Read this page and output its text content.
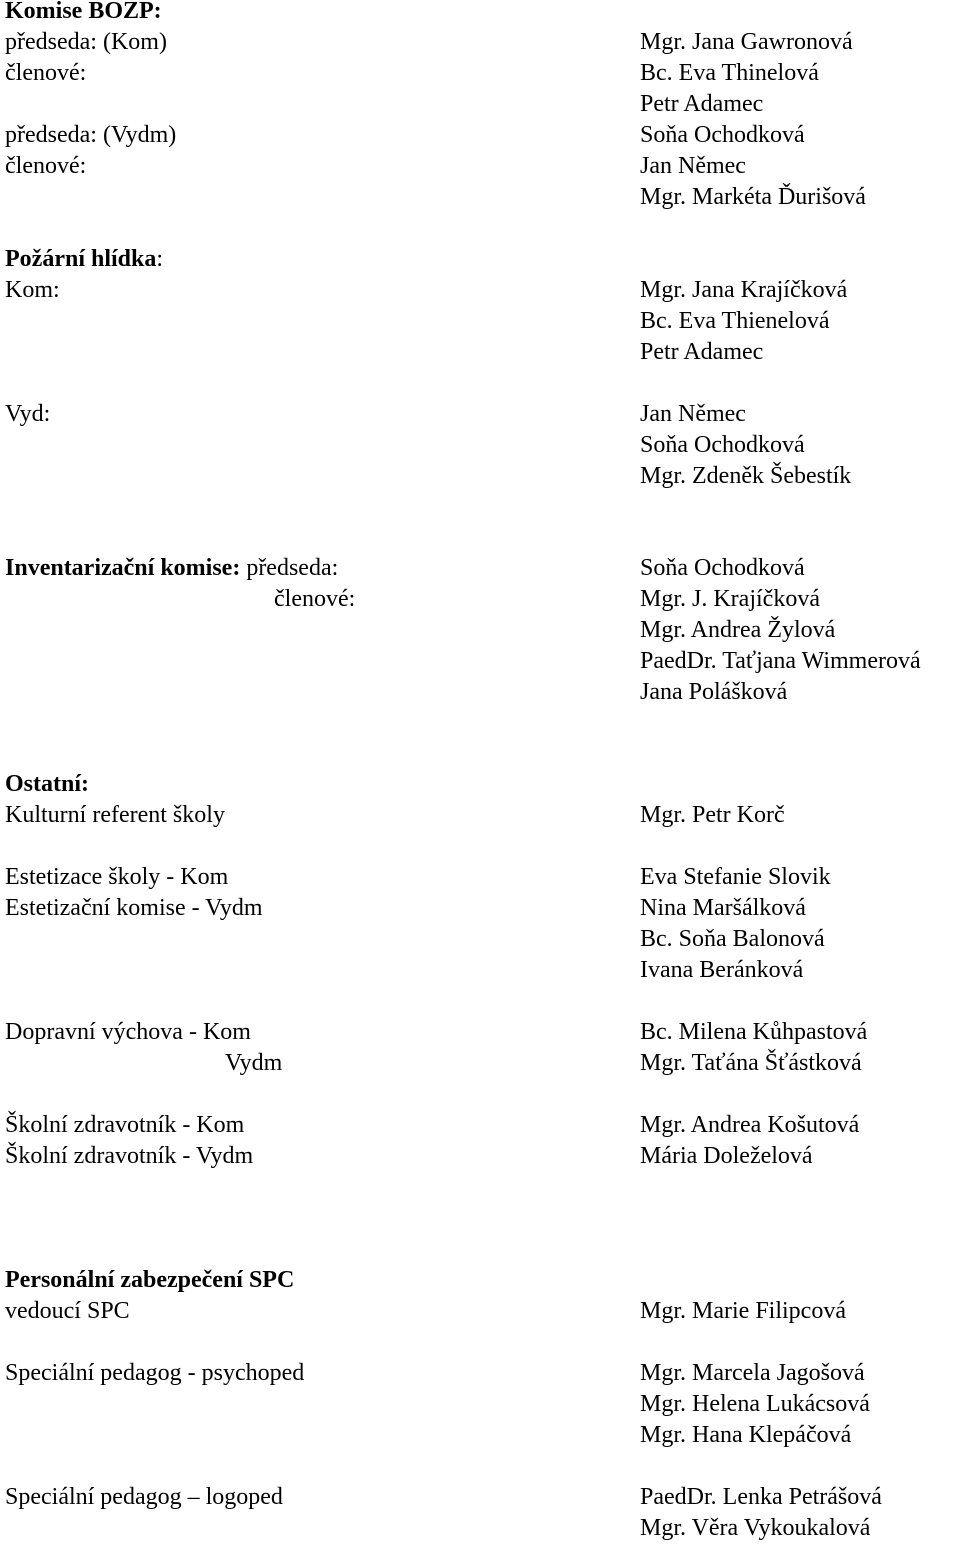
Komise BOZP:
předseda: (Kom)	Mgr. Jana Gawronová
členové:	Bc. Eva Thinelová
Petr Adamec
předseda: (Vydm)	Soňa Ochodková
členové:	Jan Němec
Mgr. Markéta Ďurišová
Požární hlídka:
Kom:	Mgr. Jana Krajíčková
Bc. Eva Thienelová
Petr Adamec
Vyd:	Jan Němec
Soňa Ochodková
Mgr. Zdeněk Šebestík
Inventarizační komise: předseda:	Soňa Ochodková
členové:	Mgr. J. Krajíčková
Mgr. Andrea Žylová
PaedDr. Taťjana Wimmerová
Jana Polášková
Ostatní:
Kulturní referent školy	Mgr. Petr Korč
Estetizace školy - Kom	Eva Stefanie Slovik
Estetizační komise - Vydm	Nina Maršálková
Bc. Soňa Balonová
Ivana Beránková
Dopravní výchova - Kom	Bc. Milena Kůhpastová
Vydm	Mgr. Taťána Šťástková
Školní zdravotník - Kom	Mgr. Andrea Košutová
Školní zdravotník - Vydm	Mária Doleželová
Personální zabezpečení SPC
vedoucí SPC	Mgr. Marie Filipcová
Speciální pedagog - psychoped	Mgr. Marcela Jagošová
Mgr. Helena Lukácsová
Mgr. Hana Klepáčová
Speciální pedagog – logoped	PaedDr. Lenka Petrášová
Mgr. Věra Vykoukalová
